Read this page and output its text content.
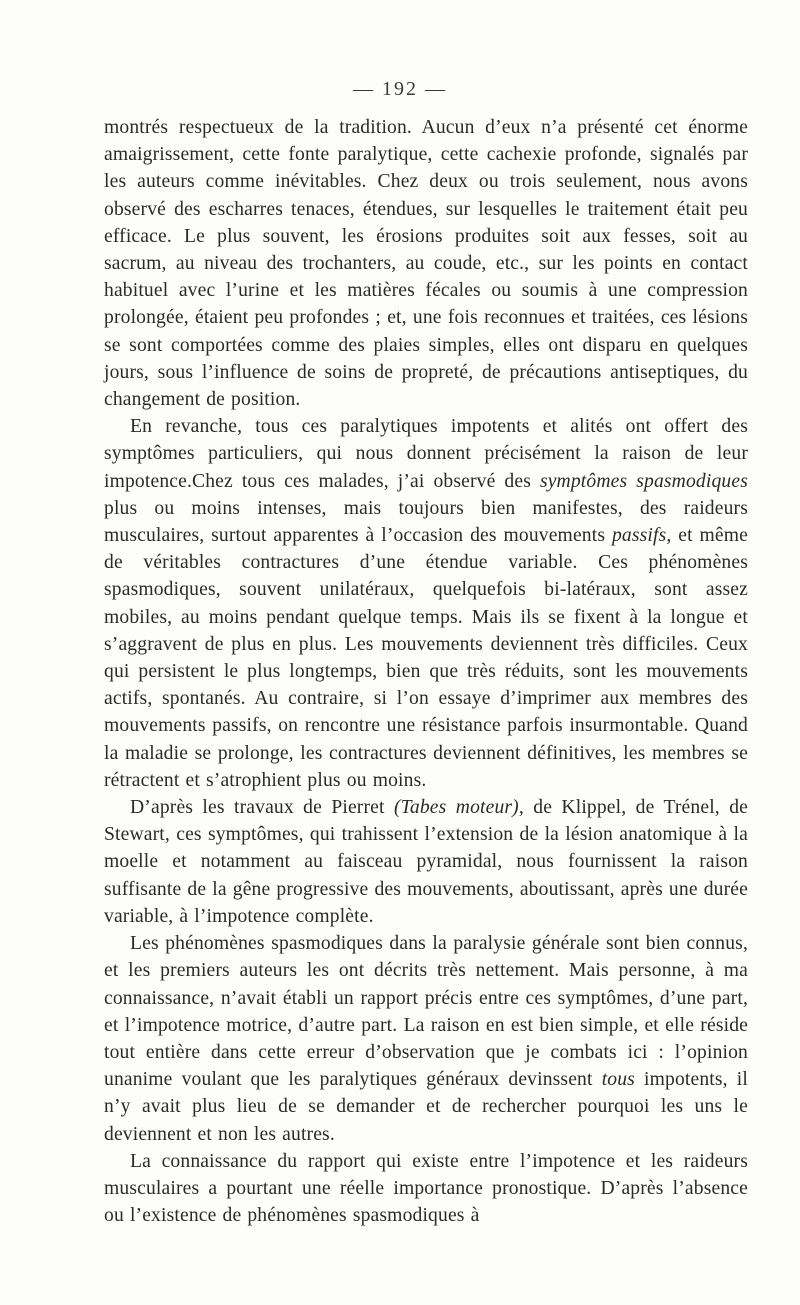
— 192 —

montrés respectueux de la tradition. Aucun d’eux n’a présenté cet énorme amaigrissement, cette fonte paralytique, cette cachexie profonde, signalés par les auteurs comme inévitables. Chez deux ou trois seulement, nous avons observé des escharres tenaces, étendues, sur lesquelles le traitement était peu efficace. Le plus souvent, les érosions produites soit aux fesses, soit au sacrum, au niveau des trochanters, au coude, etc., sur les points en contact habituel avec l’urine et les matières fécales ou soumis à une compression prolongée, étaient peu profondes ; et, une fois reconnues et traitées, ces lésions se sont comportées comme des plaies simples, elles ont disparu en quelques jours, sous l’influence de soins de propreté, de précautions antiseptiques, du changement de position.

En revanche, tous ces paralytiques impotents et alités ont offert des symptômes particuliers, qui nous donnent précisément la raison de leur impotence.Chez tous ces malades, j’ai observé des symptômes spasmodiques plus ou moins intenses, mais toujours bien manifestes, des raideurs musculaires, surtout apparentes à l’occasion des mouvements passifs, et même de véritables contractures d’une étendue variable. Ces phénomènes spasmodiques, souvent unilatéraux, quelquefois bi-latéraux, sont assez mobiles, au moins pendant quelque temps. Mais ils se fixent à la longue et s’aggravent de plus en plus. Les mouvements deviennent très difficiles. Ceux qui persistent le plus longtemps, bien que très réduits, sont les mouvements actifs, spontanés. Au contraire, si l’on essaye d’imprimer aux membres des mouvements passifs, on rencontre une résistance parfois insurmontable. Quand la maladie se prolonge, les contractures deviennent définitives, les membres se rétractent et s’atrophient plus ou moins.

D’après les travaux de Pierret (Tabes moteur), de Klippel, de Trénel, de Stewart, ces symptômes, qui trahissent l’extension de la lésion anatomique à la moelle et notamment au faisceau pyramidal, nous fournissent la raison suffisante de la gêne progressive des mouvements, aboutissant, après une durée variable, à l’impotence complète.

Les phénomènes spasmodiques dans la paralysie générale sont bien connus, et les premiers auteurs les ont décrits très nettement. Mais personne, à ma connaissance, n’avait établi un rapport précis entre ces symptômes, d’une part, et l’impotence motrice, d’autre part. La raison en est bien simple, et elle réside tout entière dans cette erreur d’observation que je combats ici : l’opinion unanime voulant que les paralytiques généraux devinssent tous impotents, il n’y avait plus lieu de se demander et de rechercher pourquoi les uns le deviennent et non les autres.

La connaissance du rapport qui existe entre l’impotence et les raideurs musculaires a pourtant une réelle importance pronostique. D’après l’absence ou l’existence de phénomènes spasmodiques à
